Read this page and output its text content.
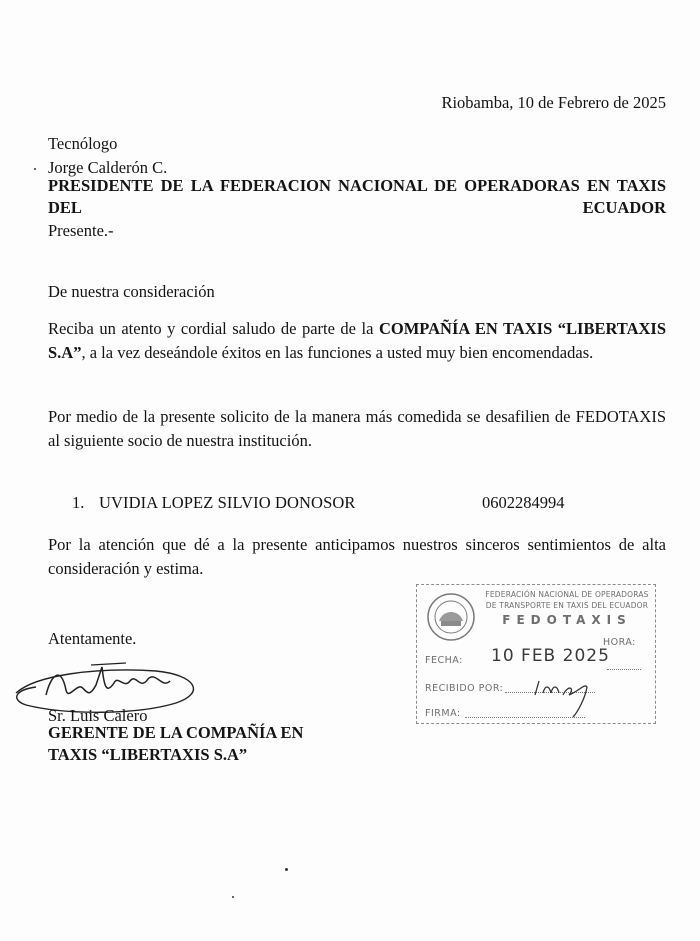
Riobamba, 10 de Febrero de 2025
Tecnólogo
Jorge Calderón C.
PRESIDENTE DE LA FEDERACION NACIONAL DE OPERADORAS EN TAXIS DEL ECUADOR
Presente.-
De nuestra consideración
Reciba un atento y cordial saludo de parte de la COMPAÑÍA EN TAXIS “LIBERTAXIS S.A”, a la vez deseándole éxitos en las funciones a usted muy bien encomendadas.
Por medio de la presente solicito de la manera más comedida se desafilien de FEDOTAXIS al siguiente socio de nuestra institución.
1. UVIDIA LOPEZ SILVIO DONOSOR	0602284994
Por la atención que dé a la presente anticipamos nuestros sinceros sentimientos de alta consideración y estima.
Atentamente.
Sr. Luis Calero
GERENTE DE LA COMPAÑÍA EN TAXIS “LIBERTAXIS S.A”
FEDERACIÓN NACIONAL DE OPERADORAS
DE TRANSPORTE EN TAXIS DEL ECUADOR
FEDOTAXIS
HORA:
FECHA: 10 FEB 2025
RECIBIDO POR:
FIRMA:
